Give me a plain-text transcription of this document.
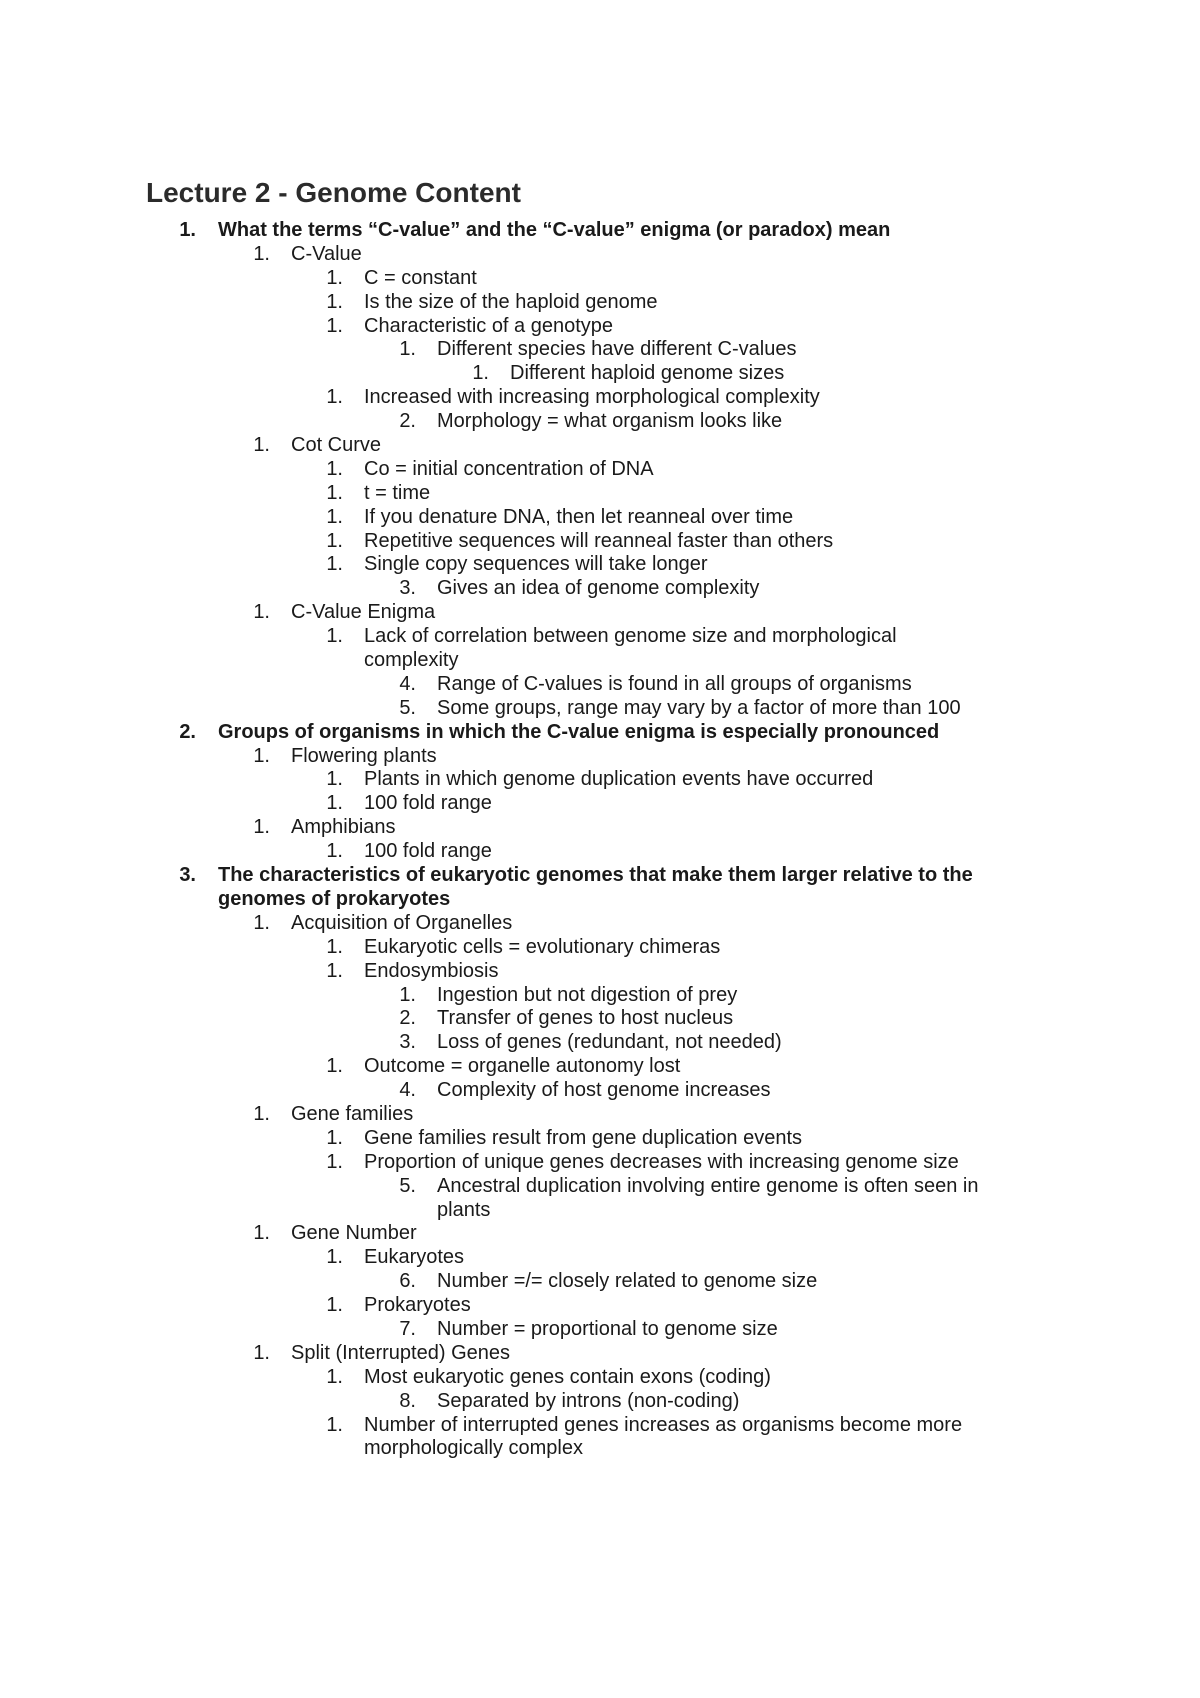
Lecture 2 - Genome Content
1. What the terms “C-value” and the “C-value” enigma (or paradox) mean
1. C-Value
1. C = constant
1. Is the size of the haploid genome
1. Characteristic of a genotype
1. Different species have different C-values
1. Different haploid genome sizes
1. Increased with increasing morphological complexity
2. Morphology = what organism looks like
1. Cot Curve
1. Co = initial concentration of DNA
1. t = time
1. If you denature DNA, then let reanneal over time
1. Repetitive sequences will reanneal faster than others
1. Single copy sequences will take longer
3. Gives an idea of genome complexity
1. C-Value Enigma
1. Lack of correlation between genome size and morphological
complexity
4. Range of C-values is found in all groups of organisms
5. Some groups, range may vary by a factor of more than 100
2. Groups of organisms in which the C-value enigma is especially pronounced
1. Flowering plants
1. Plants in which genome duplication events have occurred
1. 100 fold range
1. Amphibians
1. 100 fold range
3. The characteristics of eukaryotic genomes that make them larger relative to the
genomes of prokaryotes
1. Acquisition of Organelles
1. Eukaryotic cells = evolutionary chimeras
1. Endosymbiosis
1. Ingestion but not digestion of prey
2. Transfer of genes to host nucleus
3. Loss of genes (redundant, not needed)
1. Outcome = organelle autonomy lost
4. Complexity of host genome increases
1. Gene families
1. Gene families result from gene duplication events
1. Proportion of unique genes decreases with increasing genome size
5. Ancestral duplication involving entire genome is often seen in
plants
1. Gene Number
1. Eukaryotes
6. Number =/= closely related to genome size
1. Prokaryotes
7. Number = proportional to genome size
1. Split (Interrupted) Genes
1. Most eukaryotic genes contain exons (coding)
8. Separated by introns (non-coding)
1. Number of interrupted genes increases as organisms become more
morphologically complex
